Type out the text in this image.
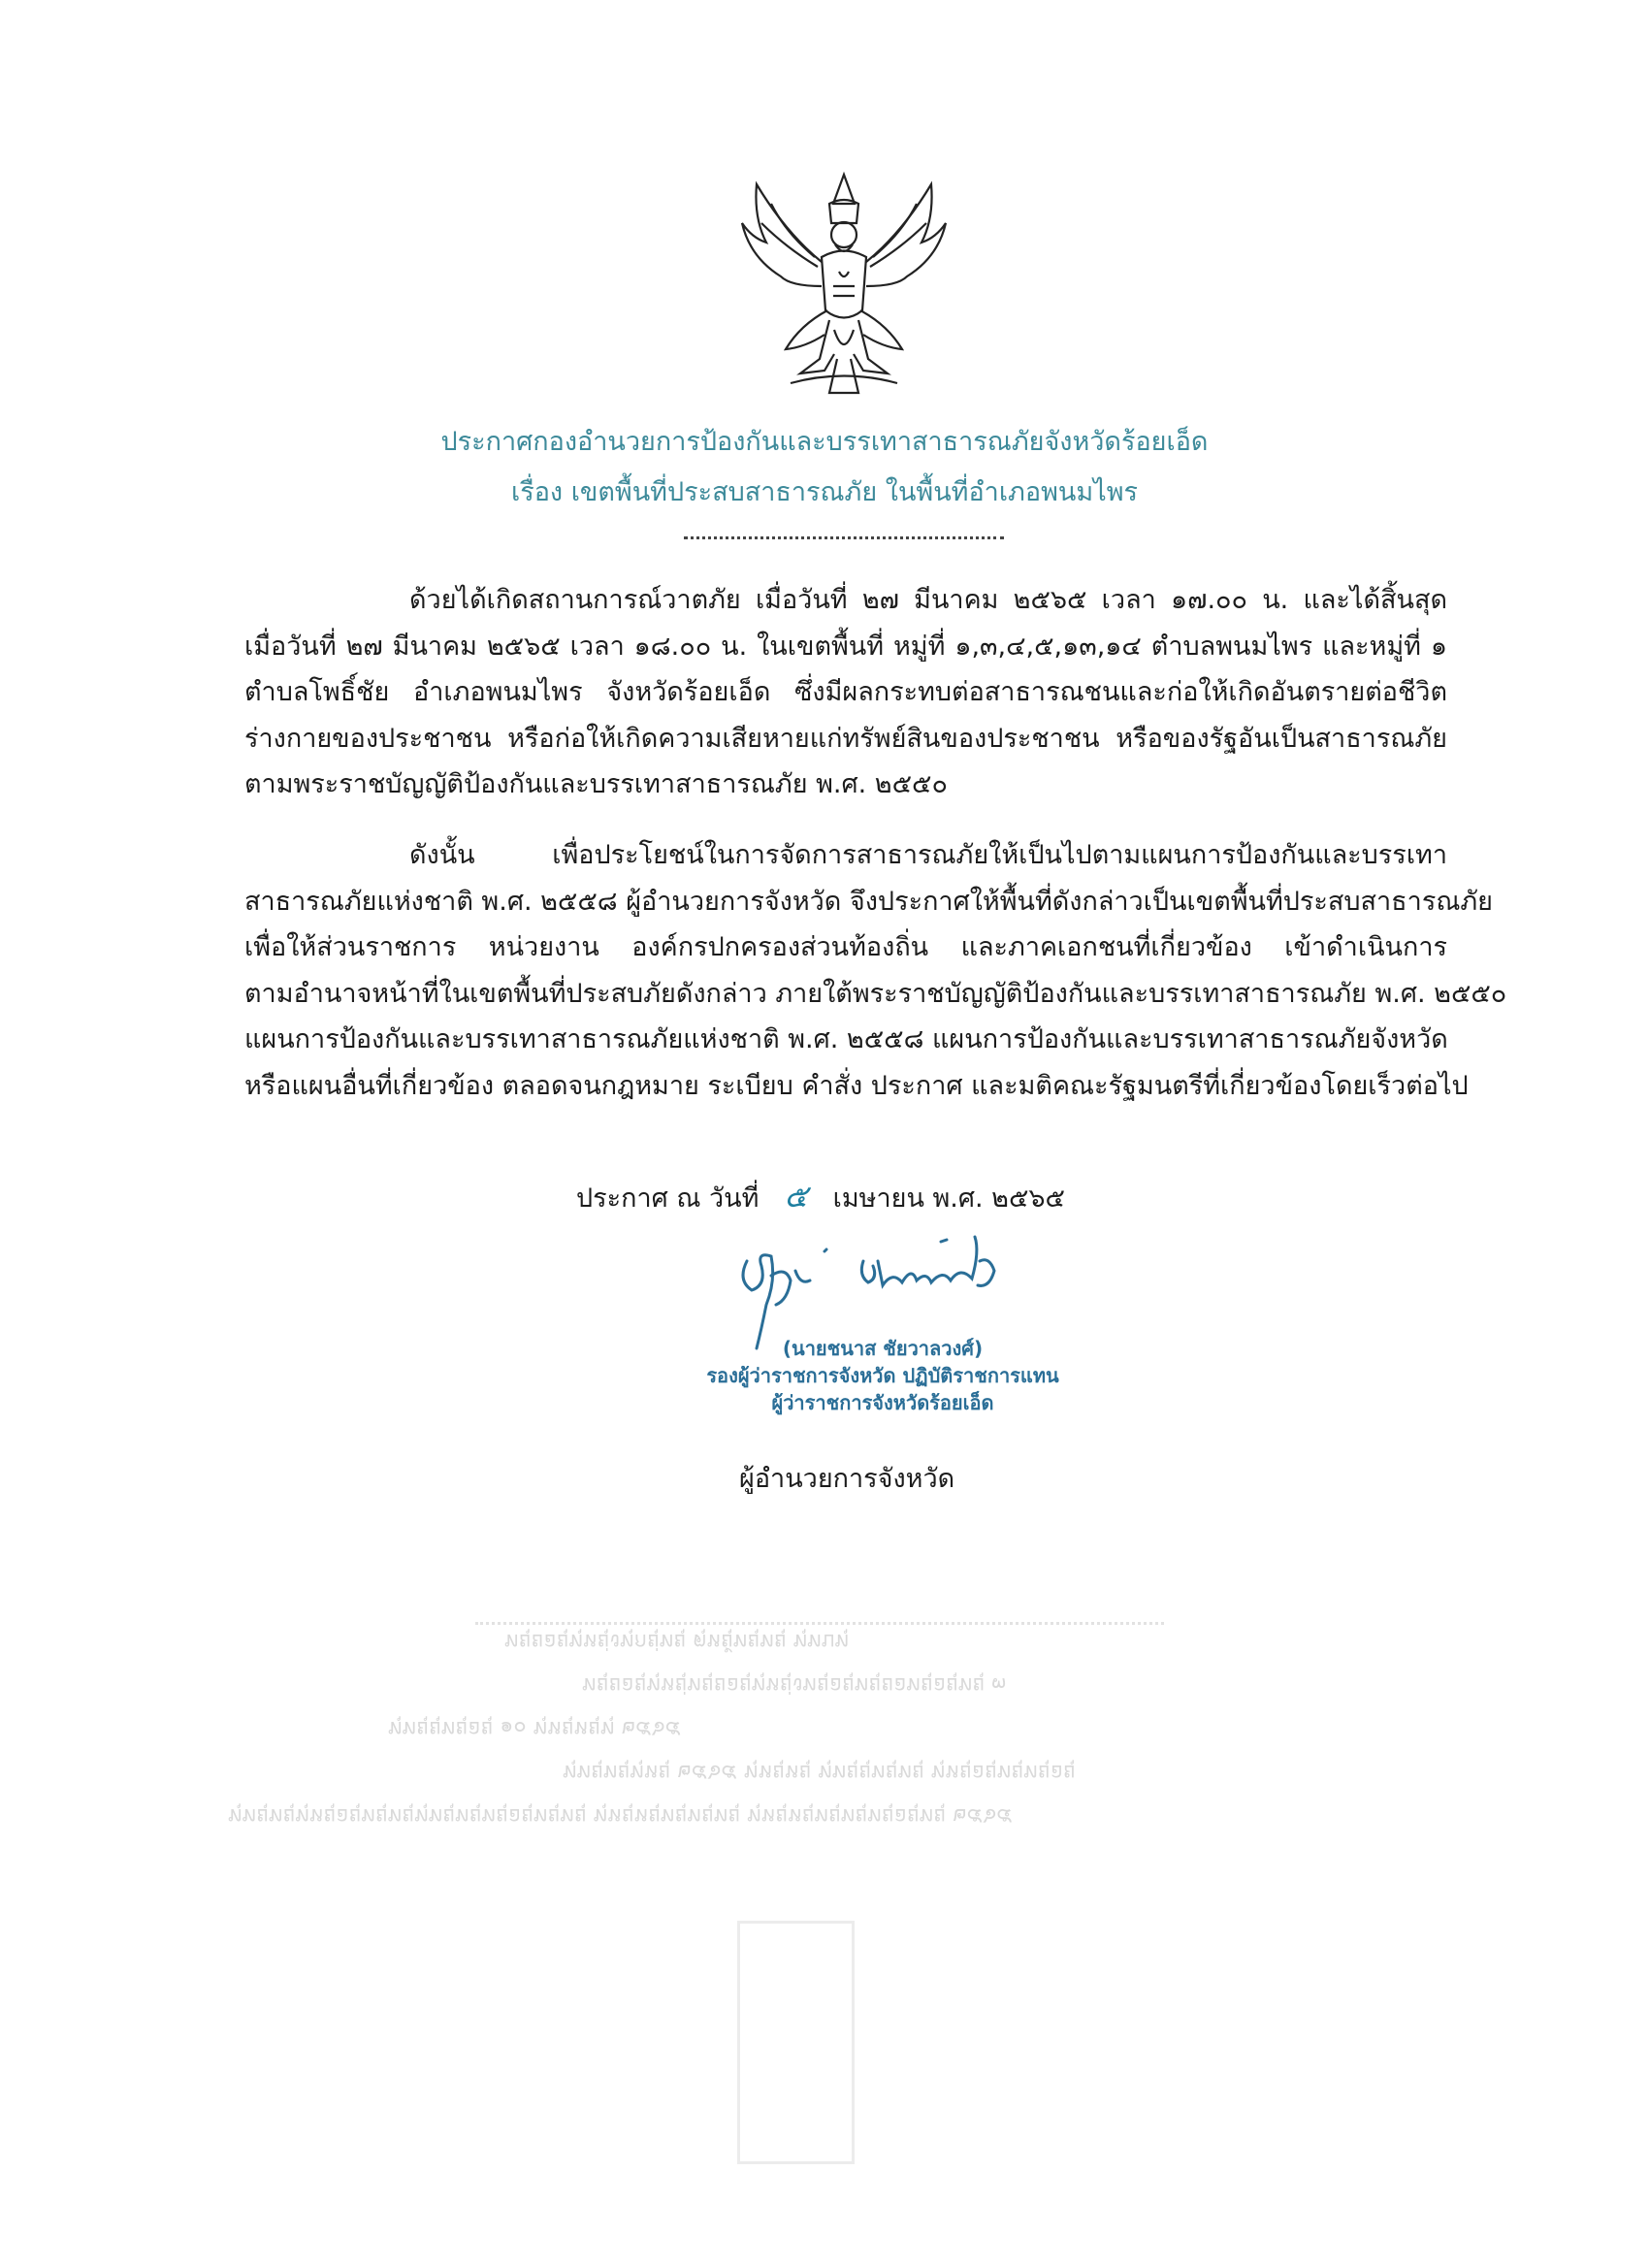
ประกาศกองอำนวยการป้องกันและบรรเทาสาธารณภัยจังหวัดร้อยเอ็ด
เรื่อง เขตพื้นที่ประสบสาธารณภัย ในพื้นที่อำเภอพนมไพร
ด้วยได้เกิดสถานการณ์วาตภัย เมื่อวันที่ ๒๗ มีนาคม ๒๕๖๕ เวลา ๑๗.๐๐ น. และได้สิ้นสุด
เมื่อวันที่ ๒๗ มีนาคม ๒๕๖๕ เวลา ๑๘.๐๐ น. ในเขตพื้นที่ หมู่ที่ ๑,๓,๔,๕,๑๓,๑๔ ตำบลพนมไพร และหมู่ที่ ๑
ตำบลโพธิ์ชัย อำเภอพนมไพร จังหวัดร้อยเอ็ด ซึ่งมีผลกระทบต่อสาธารณชนและก่อให้เกิดอันตรายต่อชีวิต
ร่างกายของประชาชน หรือก่อให้เกิดความเสียหายแก่ทรัพย์สินของประชาชน หรือของรัฐอันเป็นสาธารณภัย
ตามพระราชบัญญัติป้องกันและบรรเทาสาธารณภัย พ.ศ. ๒๕๕๐
ดังนั้น เพื่อประโยชน์ในการจัดการสาธารณภัยให้เป็นไปตามแผนการป้องกันและบรรเทา
สาธารณภัยแห่งชาติ พ.ศ. ๒๕๕๘ ผู้อำนวยการจังหวัด จึงประกาศให้พื้นที่ดังกล่าวเป็นเขตพื้นที่ประสบสาธารณภัย
เพื่อให้ส่วนราชการ หน่วยงาน องค์กรปกครองส่วนท้องถิ่น และภาคเอกชนที่เกี่ยวข้อง เข้าดำเนินการ
ตามอำนาจหน้าที่ในเขตพื้นที่ประสบภัยดังกล่าว ภายใต้พระราชบัญญัติป้องกันและบรรเทาสาธารณภัย พ.ศ. ๒๕๕๐
แผนการป้องกันและบรรเทาสาธารณภัยแห่งชาติ พ.ศ. ๒๕๕๘ แผนการป้องกันและบรรเทาสาธารณภัยจังหวัด
หรือแผนอื่นที่เกี่ยวข้อง ตลอดจนกฎหมาย ระเบียบ คำสั่ง ประกาศ และมติคณะรัฐมนตรีที่เกี่ยวข้องโดยเร็วต่อไป
ประกาศ ณ วันที่ ๕ เมษายน พ.ศ. ๒๕๖๕
(นายชนาส ชัยวาลวงศ์)
รองผู้ว่าราชการจังหวัด ปฏิบัติราชการแทน
ผู้ว่าราชการจังหวัดร้อยเอ็ด
ผู้อำนวยการจังหวัด
ทยุยอยุทุหยุ่งทุกยุ่ทยุ ตุหยุ้ทยุทยุ ทุทบทุ
ทยุยอยุทุหยุ่ทยุยอยุทุหยุ่งทยุอยุทยุยอทยุอยุทยุ ๓
ทุทยุยุทยุอยุ ๑๐ ทุหยุหยุทุ ๒๕๖๕
ทุทยุทยุทุหยุ ๒๕๖๕ ทุหยุหยุ ทุทยุยุทยุทยุ ทุหยุอยุทยุทยุอยุ
ทุทยุทยุทุหยุอยุทยุทยุทุทยุทยุทยุอยุทยุทยุ ทุหยุหยุทยุทยุทยุ ทุหยุหยุทยุทยุทยุอยุทยุ ๒๕๖๕
